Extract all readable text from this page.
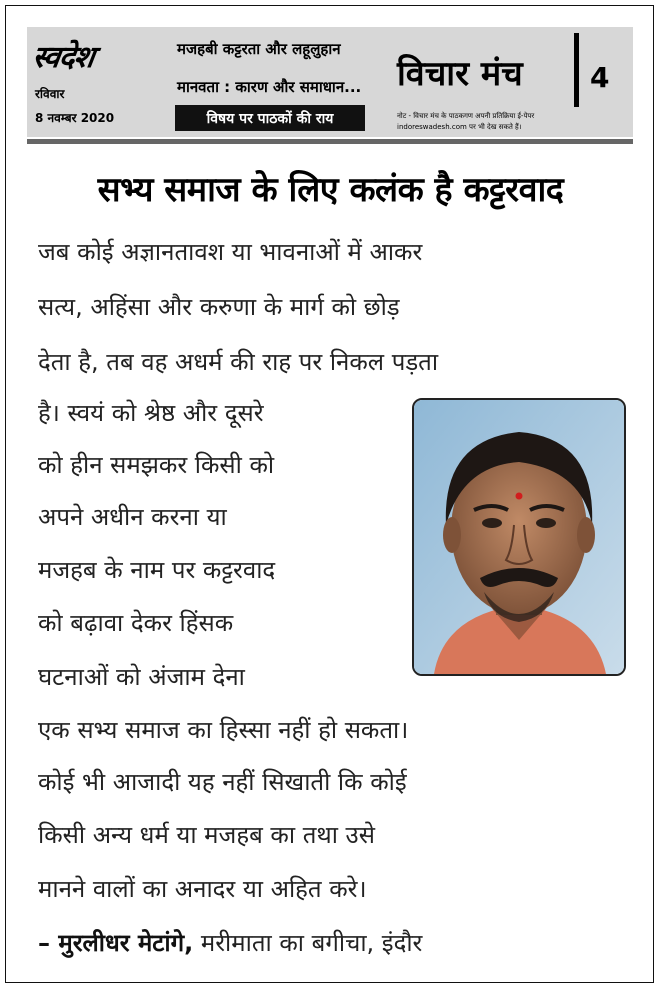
स्वदेश
रविवार
8 नवम्बर 2020
मजहबी कट्टरता और लहूलुहान
मानवता : कारण और समाधान...
विषय पर पाठकों की राय
विचार मंच 4
नोट - विचार मंच के पाठकगण अपनी प्रतिक्रिया ई-पेपर
indoreswadesh.com पर भी देख सकते हैं।
सभ्य समाज के लिए कलंक है कट्टरवाद
जब कोई अज्ञानतावश या भावनाओं में आकर
सत्य, अहिंसा और करुणा के मार्ग को छोड़
देता है, तब वह अधर्म की राह पर निकल पड़ता
है। स्वयं को श्रेष्ठ और दूसरे
को हीन समझकर किसी को
अपने अधीन करना या
मजहब के नाम पर कट्टरवाद
को बढ़ावा देकर हिंसक
घटनाओं को अंजाम देना
एक सभ्य समाज का हिस्सा नहीं हो सकता।
कोई भी आजादी यह नहीं सिखाती कि कोई
किसी अन्य धर्म या मजहब का तथा उसे
मानने वालों का अनादर या अहित करे।
– मुरलीधर मेटांगे, मरीमाता का बगीचा, इंदौर
